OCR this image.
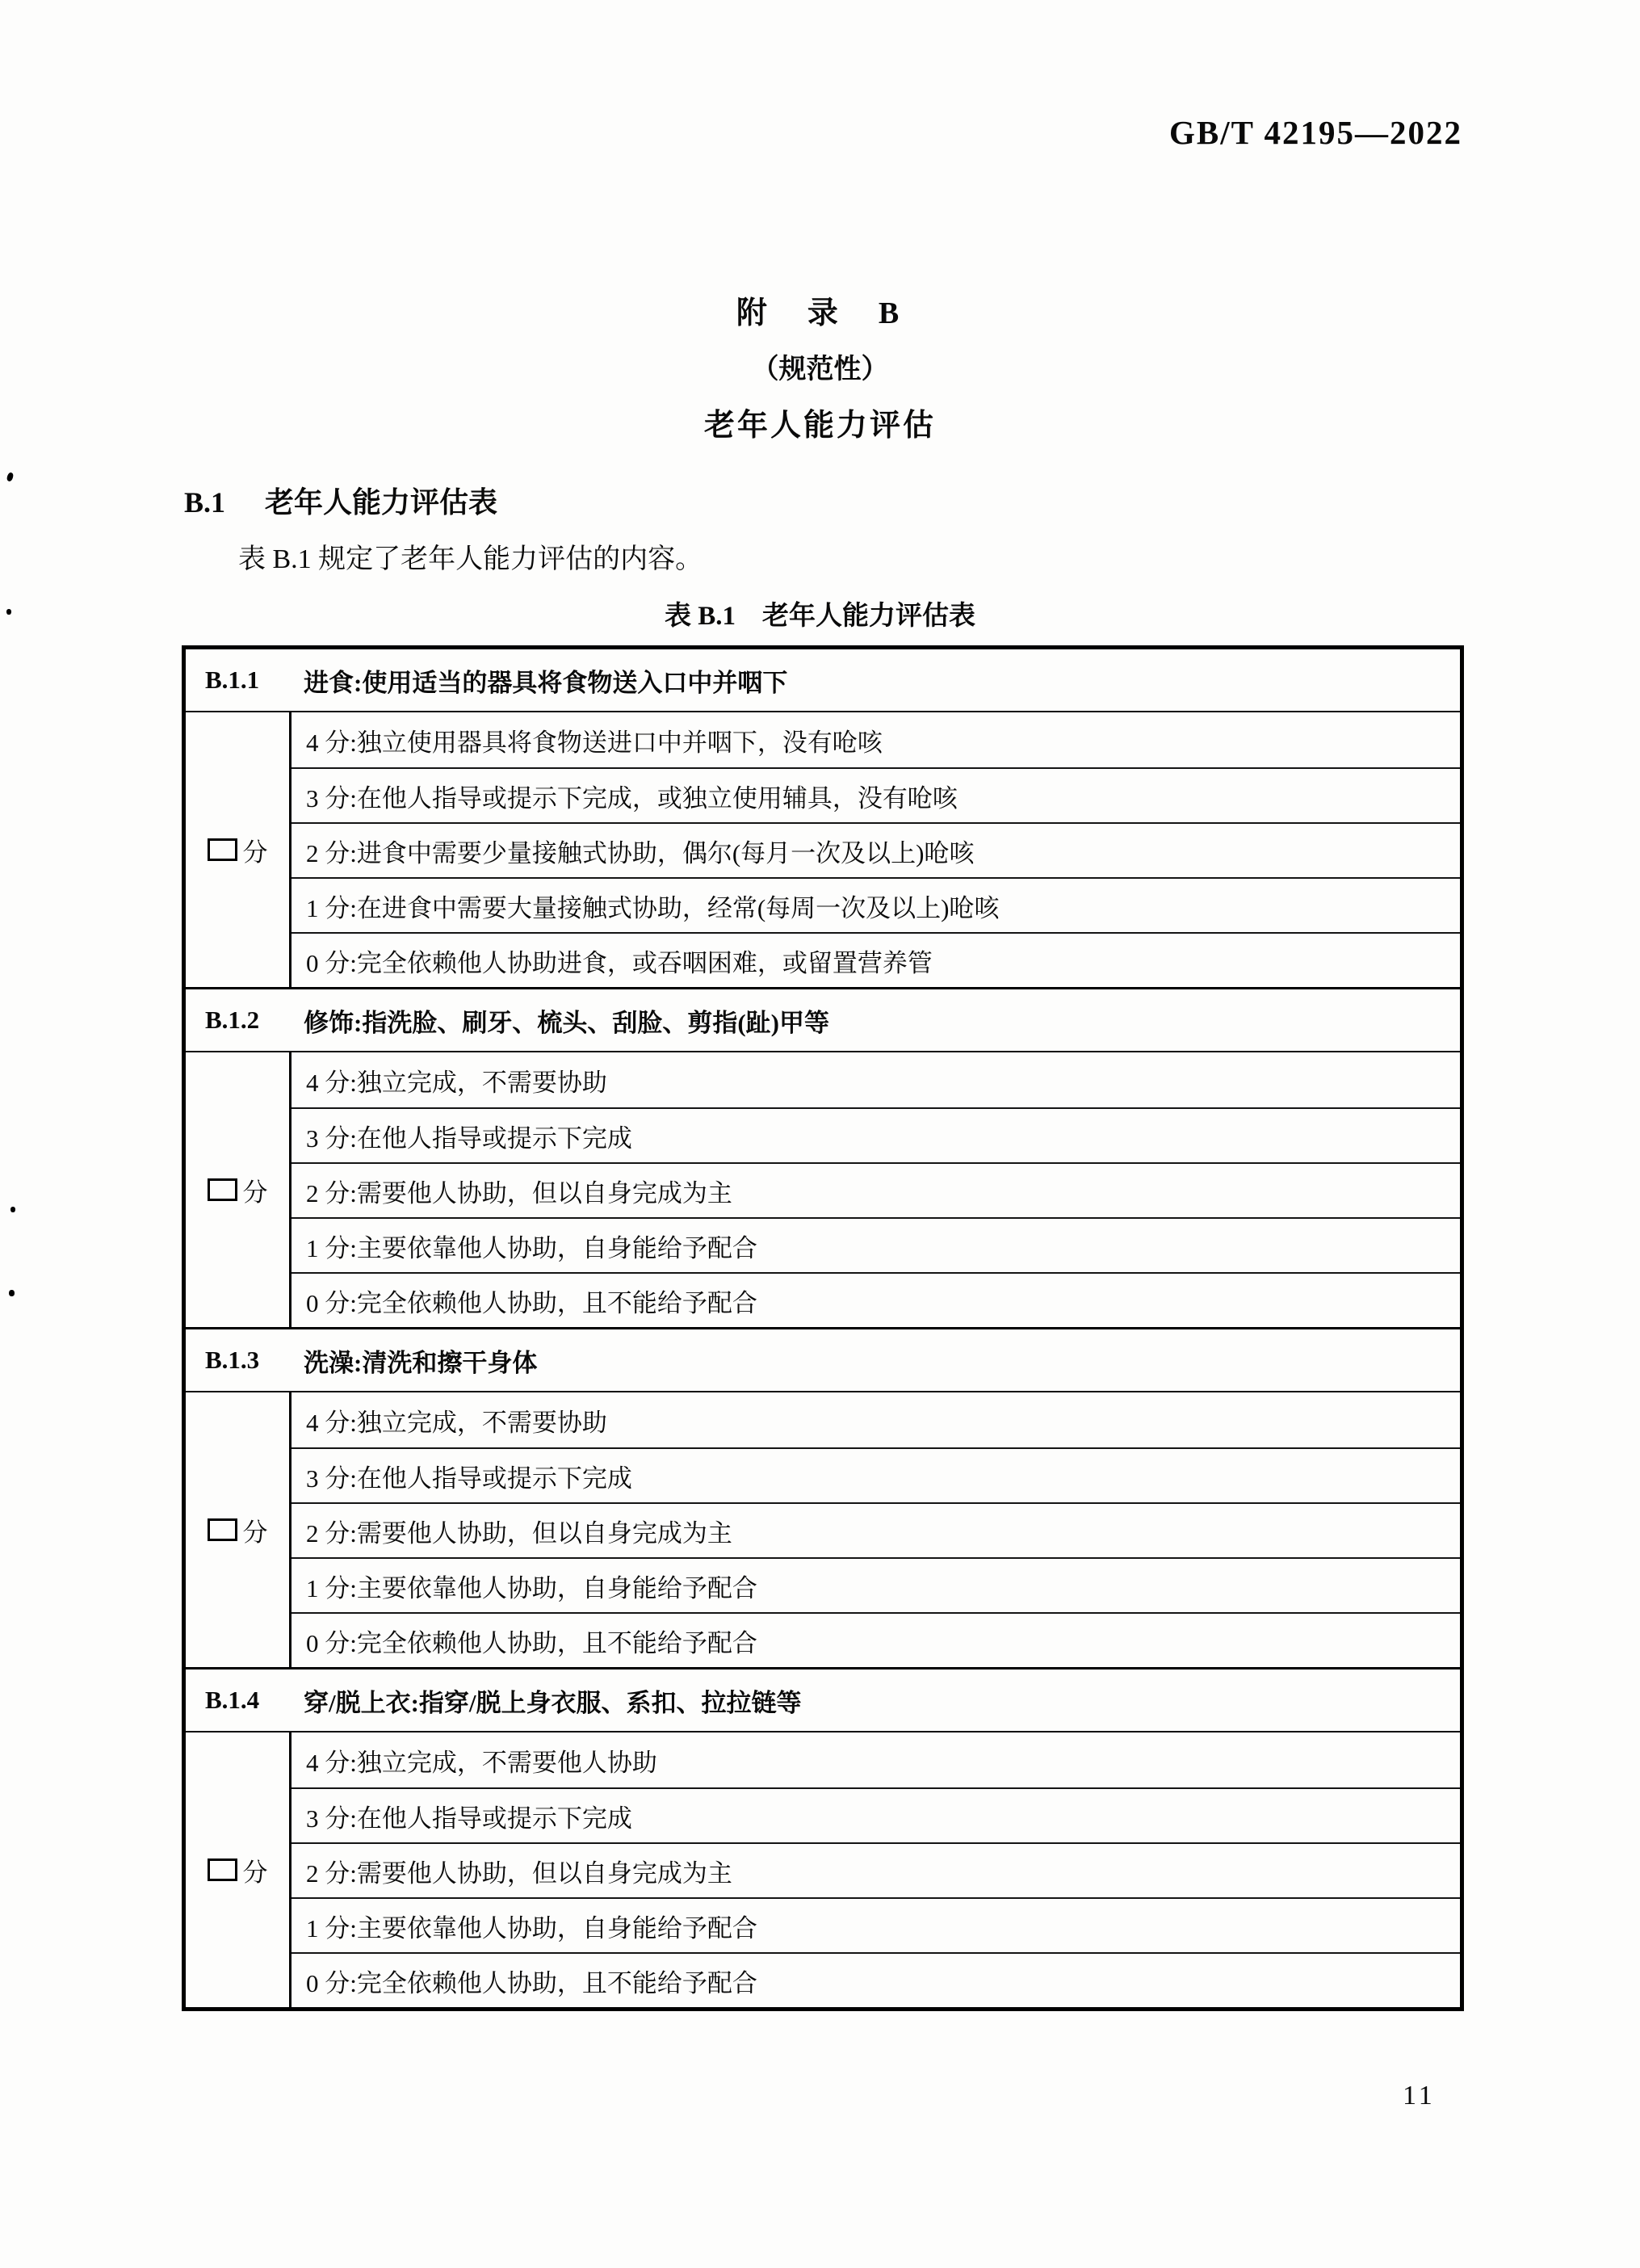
GB/T 42195—2022
附　录　B
（规范性）
老年人能力评估
B.1 老年人能力评估表
表 B.1 规定了老年人能力评估的内容。
表 B.1　老年人能力评估表
B.1.1	进食:使用适当的器具将食物送入口中并咽下
分
4 分:独立使用器具将食物送进口中并咽下，没有呛咳
3 分:在他人指导或提示下完成，或独立使用辅具，没有呛咳
2 分:进食中需要少量接触式协助，偶尔(每月一次及以上)呛咳
1 分:在进食中需要大量接触式协助，经常(每周一次及以上)呛咳
0 分:完全依赖他人协助进食，或吞咽困难，或留置营养管
B.1.2	修饰:指洗脸、刷牙、梳头、刮脸、剪指(趾)甲等
分
4 分:独立完成，不需要协助
3 分:在他人指导或提示下完成
2 分:需要他人协助，但以自身完成为主
1 分:主要依靠他人协助，自身能给予配合
0 分:完全依赖他人协助，且不能给予配合
B.1.3	洗澡:清洗和擦干身体
分
4 分:独立完成，不需要协助
3 分:在他人指导或提示下完成
2 分:需要他人协助，但以自身完成为主
1 分:主要依靠他人协助，自身能给予配合
0 分:完全依赖他人协助，且不能给予配合
B.1.4	穿/脱上衣:指穿/脱上身衣服、系扣、拉拉链等
分
4 分:独立完成，不需要他人协助
3 分:在他人指导或提示下完成
2 分:需要他人协助，但以自身完成为主
1 分:主要依靠他人协助，自身能给予配合
0 分:完全依赖他人协助，且不能给予配合
11
